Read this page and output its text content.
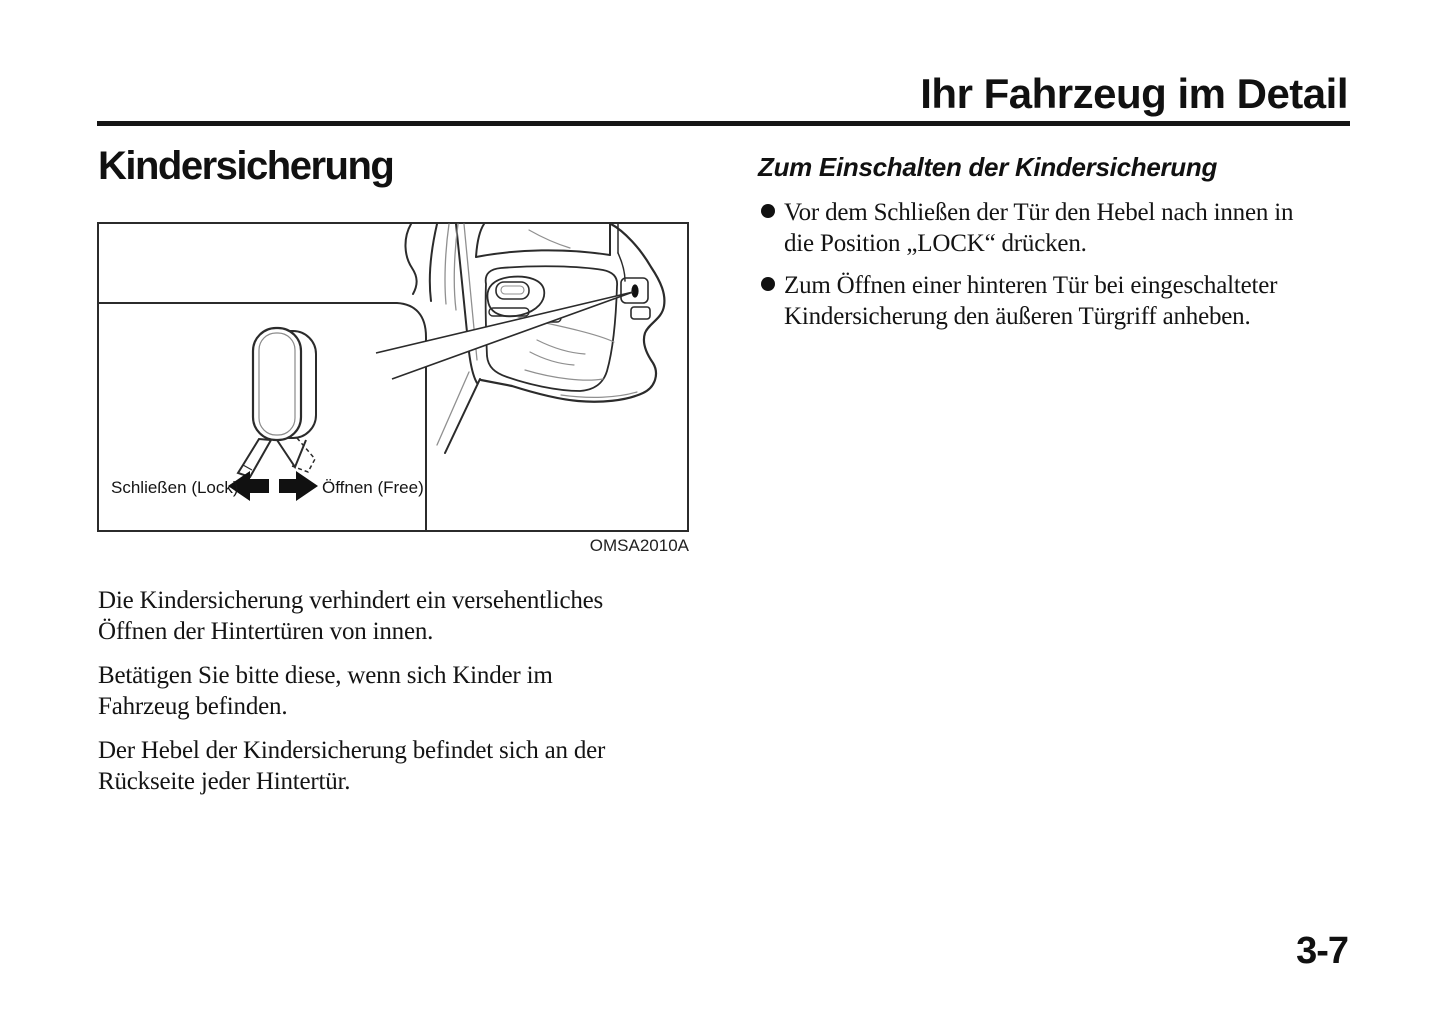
Ihr Fahrzeug im Detail
Kindersicherung
Schließen (Lock)	Öffnen (Free)
OMSA2010A

Die Kindersicherung verhindert ein versehentliches
Öffnen der Hintertüren von innen.

Betätigen Sie bitte diese, wenn sich Kinder im
Fahrzeug befinden.

Der Hebel der Kindersicherung befindet sich an der
Rückseite jeder Hintertür.

Zum Einschalten der Kindersicherung
Vor dem Schließen der Tür den Hebel nach innen in
die Position „LOCK“ drücken.
Zum Öffnen einer hinteren Tür bei eingeschalteter
Kindersicherung den äußeren Türgriff anheben.
3-7
